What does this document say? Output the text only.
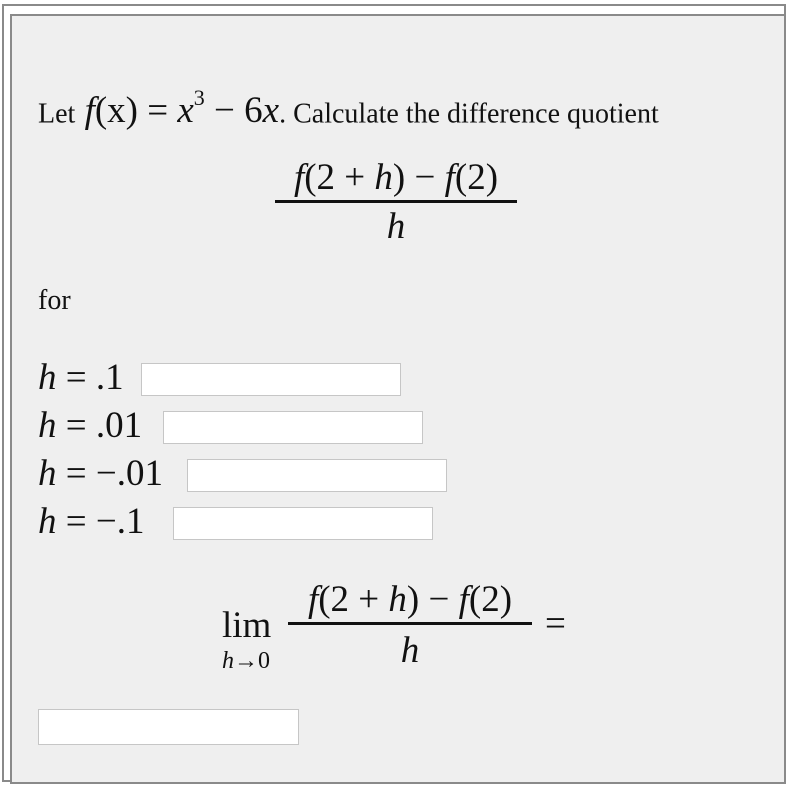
Let $f(x) = x^3 - 6x$. Calculate the difference quotient
f(2 + h) − f(2)
h
for
h = .1
h = .01
h = −.01
h = −.1
lim
h→0
f(2 + h) − f(2)
h
=
